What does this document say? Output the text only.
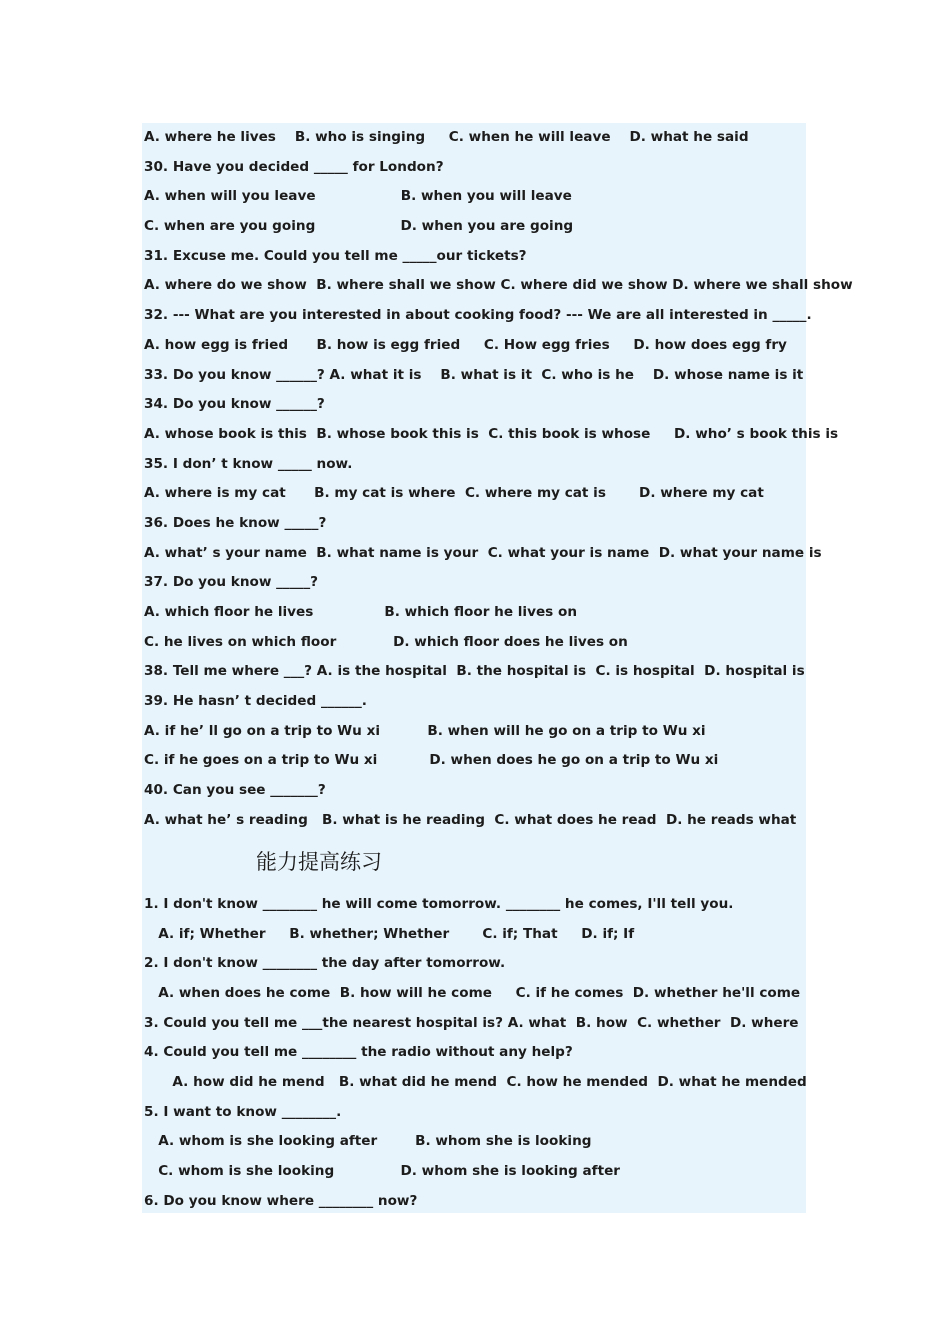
A. where he lives    B. who is singing     C. when he will leave    D. what he said
30. Have you decided _____ for London?
A. when will you leave                  B. when you will leave
C. when are you going                  D. when you are going
31. Excuse me. Could you tell me _____our tickets?
A. where do we show  B. where shall we show C. where did we show D. where we shall show
32. --- What are you interested in about cooking food? --- We are all interested in _____.
A. how egg is fried      B. how is egg fried     C. How egg fries     D. how does egg fry
33. Do you know ______? A. what it is    B. what is it  C. who is he    D. whose name is it
34. Do you know ______?
A. whose book is this  B. whose book this is  C. this book is whose     D. who’ s book this is
35. I don’ t know _____ now.
A. where is my cat      B. my cat is where  C. where my cat is       D. where my cat
36. Does he know _____?
A. what’ s your name  B. what name is your  C. what your is name  D. what your name is
37. Do you know _____?
A. which floor he lives               B. which floor he lives on
C. he lives on which floor            D. which floor does he lives on
38. Tell me where ___? A. is the hospital  B. the hospital is  C. is hospital  D. hospital is
39. He hasn’ t decided ______.
A. if he’ ll go on a trip to Wu xi          B. when will he go on a trip to Wu xi
C. if he goes on a trip to Wu xi           D. when does he go on a trip to Wu xi
40. Can you see _______?
A. what he’ s reading   B. what is he reading  C. what does he read  D. he reads what
能力提高练习
1. I don't know ________ he will come tomorrow. ________ he comes, I'll tell you.
A. if; Whether     B. whether; Whether       C. if; That     D. if; If
2. I don't know ________ the day after tomorrow.
A. when does he come  B. how will he come     C. if he comes  D. whether he'll come
3. Could you tell me ___the nearest hospital is? A. what  B. how  C. whether  D. where
4. Could you tell me ________ the radio without any help?
A. how did he mend   B. what did he mend  C. how he mended  D. what he mended
5. I want to know ________.
A. whom is she looking after        B. whom she is looking
C. whom is she looking              D. whom she is looking after
6. Do you know where ________ now?
